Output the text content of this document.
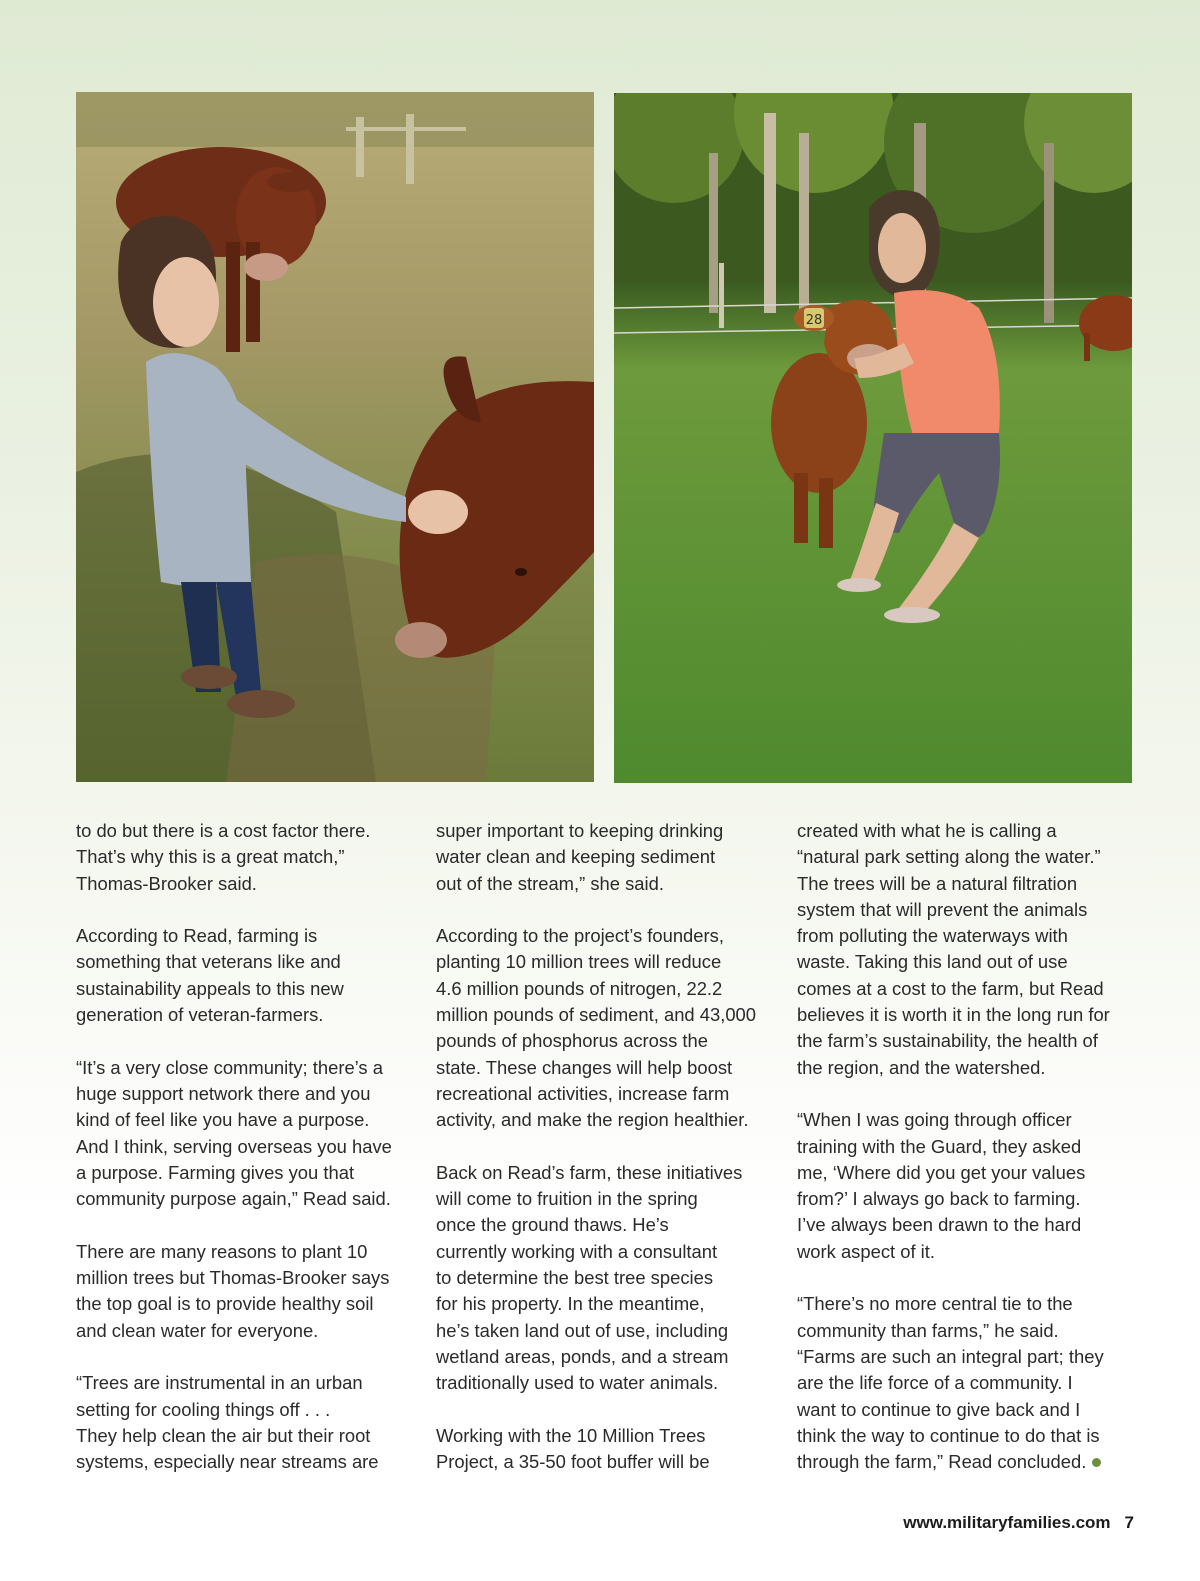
28

to do but there is a cost factor there.
That’s why this is a great match,”
Thomas-Brooker said.

According to Read, farming is
something that veterans like and
sustainability appeals to this new
generation of veteran-farmers.

“It’s a very close community; there’s a
huge support network there and you
kind of feel like you have a purpose.
And I think, serving overseas you have
a purpose. Farming gives you that
community purpose again,” Read said.

There are many reasons to plant 10
million trees but Thomas-Brooker says
the top goal is to provide healthy soil
and clean water for everyone.

“Trees are instrumental in an urban
setting for cooling things off . . .
They help clean the air but their root
systems, especially near streams are

super important to keeping drinking
water clean and keeping sediment
out of the stream,” she said.

According to the project’s founders,
planting 10 million trees will reduce
4.6 million pounds of nitrogen, 22.2
million pounds of sediment, and 43,000
pounds of phosphorus across the
state. These changes will help boost
recreational activities, increase farm
activity, and make the region healthier.

Back on Read’s farm, these initiatives
will come to fruition in the spring
once the ground thaws. He’s
currently working with a consultant
to determine the best tree species
for his property. In the meantime,
he’s taken land out of use, including
wetland areas, ponds, and a stream
traditionally used to water animals.

Working with the 10 Million Trees
Project, a 35-50 foot buffer will be

created with what he is calling a
“natural park setting along the water.”
The trees will be a natural filtration
system that will prevent the animals
from polluting the waterways with
waste. Taking this land out of use
comes at a cost to the farm, but Read
believes it is worth it in the long run for
the farm’s sustainability, the health of
the region, and the watershed.

“When I was going through officer
training with the Guard, they asked
me, ‘Where did you get your values
from?’ I always go back to farming.
I’ve always been drawn to the hard
work aspect of it.

“There’s no more central tie to the
community than farms,” he said.
“Farms are such an integral part; they
are the life force of a community. I
want to continue to give back and I
think the way to continue to do that is
through the farm,” Read concluded.

www.militaryfamilies.com 7
